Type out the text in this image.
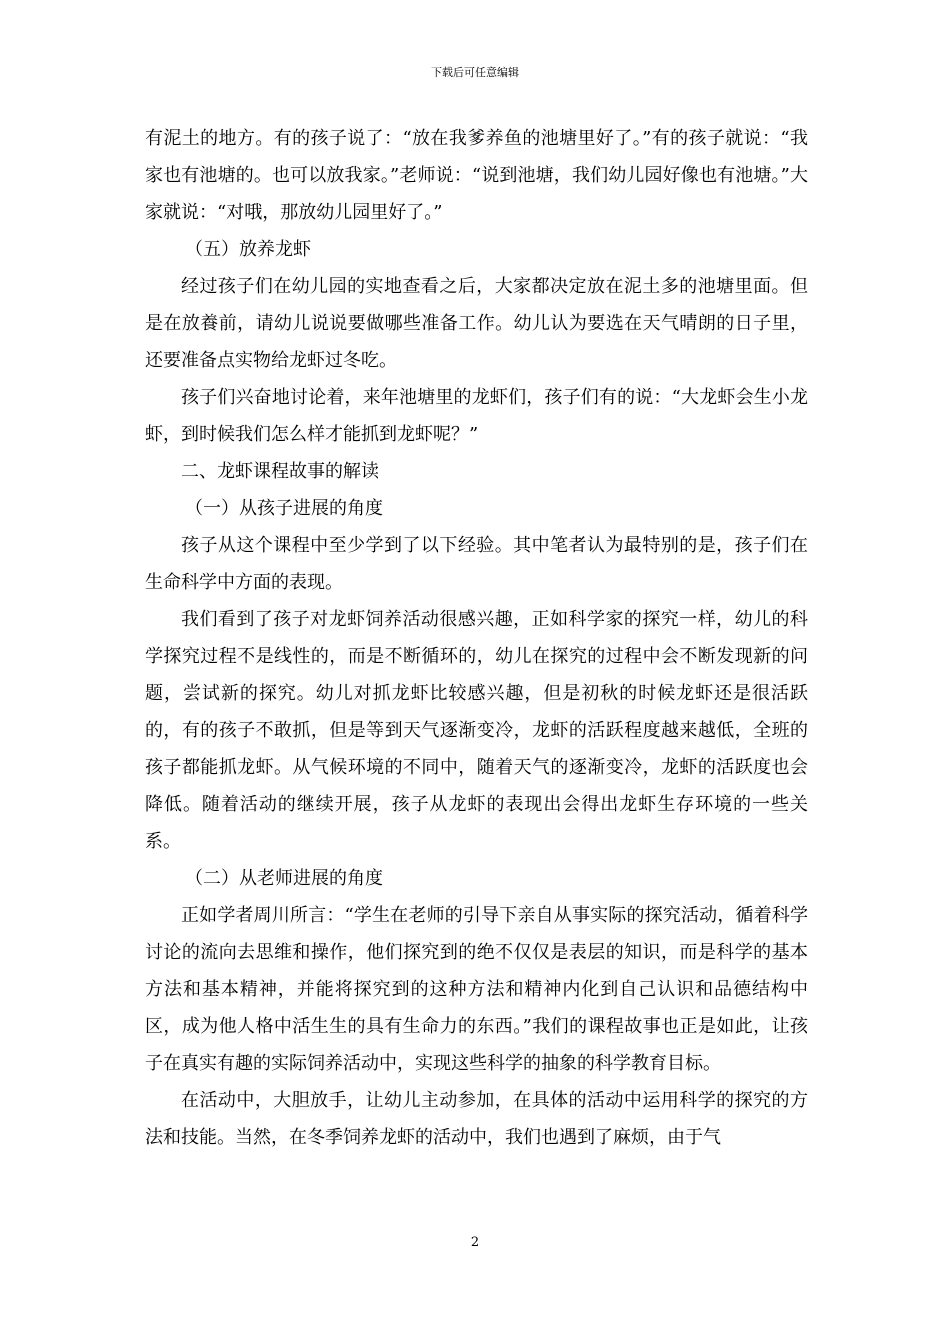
下载后可任意编辑

有泥土的地方。有的孩子说了：“放在我爹养鱼的池塘里好了。”有的孩子就说：“我家也有池塘的。也可以放我家。”老师说：“说到池塘，我们幼儿园好像也有池塘。”大家就说：“对哦，那放幼儿园里好了。”

（五）放养龙虾

经过孩子们在幼儿园的实地查看之后，大家都决定放在泥土多的池塘里面。但是在放養前，请幼儿说说要做哪些准备工作。幼儿认为要选在天气晴朗的日子里，还要准备点实物给龙虾过冬吃。

孩子们兴奋地讨论着，来年池塘里的龙虾们，孩子们有的说：“大龙虾会生小龙虾，到时候我们怎么样才能抓到龙虾呢？”

二、龙虾课程故事的解读

（一）从孩子进展的角度

孩子从这个课程中至少学到了以下经验。其中笔者认为最特别的是，孩子们在生命科学中方面的表现。

我们看到了孩子对龙虾饲养活动很感兴趣，正如科学家的探究一样，幼儿的科学探究过程不是线性的，而是不断循环的，幼儿在探究的过程中会不断发现新的问题，尝试新的探究。幼儿对抓龙虾比较感兴趣，但是初秋的时候龙虾还是很活跃的，有的孩子不敢抓，但是等到天气逐渐变冷，龙虾的活跃程度越来越低，全班的孩子都能抓龙虾。从气候环境的不同中，随着天气的逐渐变冷，龙虾的活跃度也会降低。随着活动的继续开展，孩子从龙虾的表现出会得出龙虾生存环境的一些关系。

（二）从老师进展的角度

正如学者周川所言：“学生在老师的引导下亲自从事实际的探究活动，循着科学讨论的流向去思维和操作，他们探究到的绝不仅仅是表层的知识，而是科学的基本方法和基本精神，并能将探究到的这种方法和精神内化到自己认识和品德结构中区，成为他人格中活生生的具有生命力的东西。”我们的课程故事也正是如此，让孩子在真实有趣的实际饲养活动中，实现这些科学的抽象的科学教育目标。

在活动中，大胆放手，让幼儿主动参加，在具体的活动中运用科学的探究的方法和技能。当然，在冬季饲养龙虾的活动中，我们也遇到了麻烦，由于气

2
